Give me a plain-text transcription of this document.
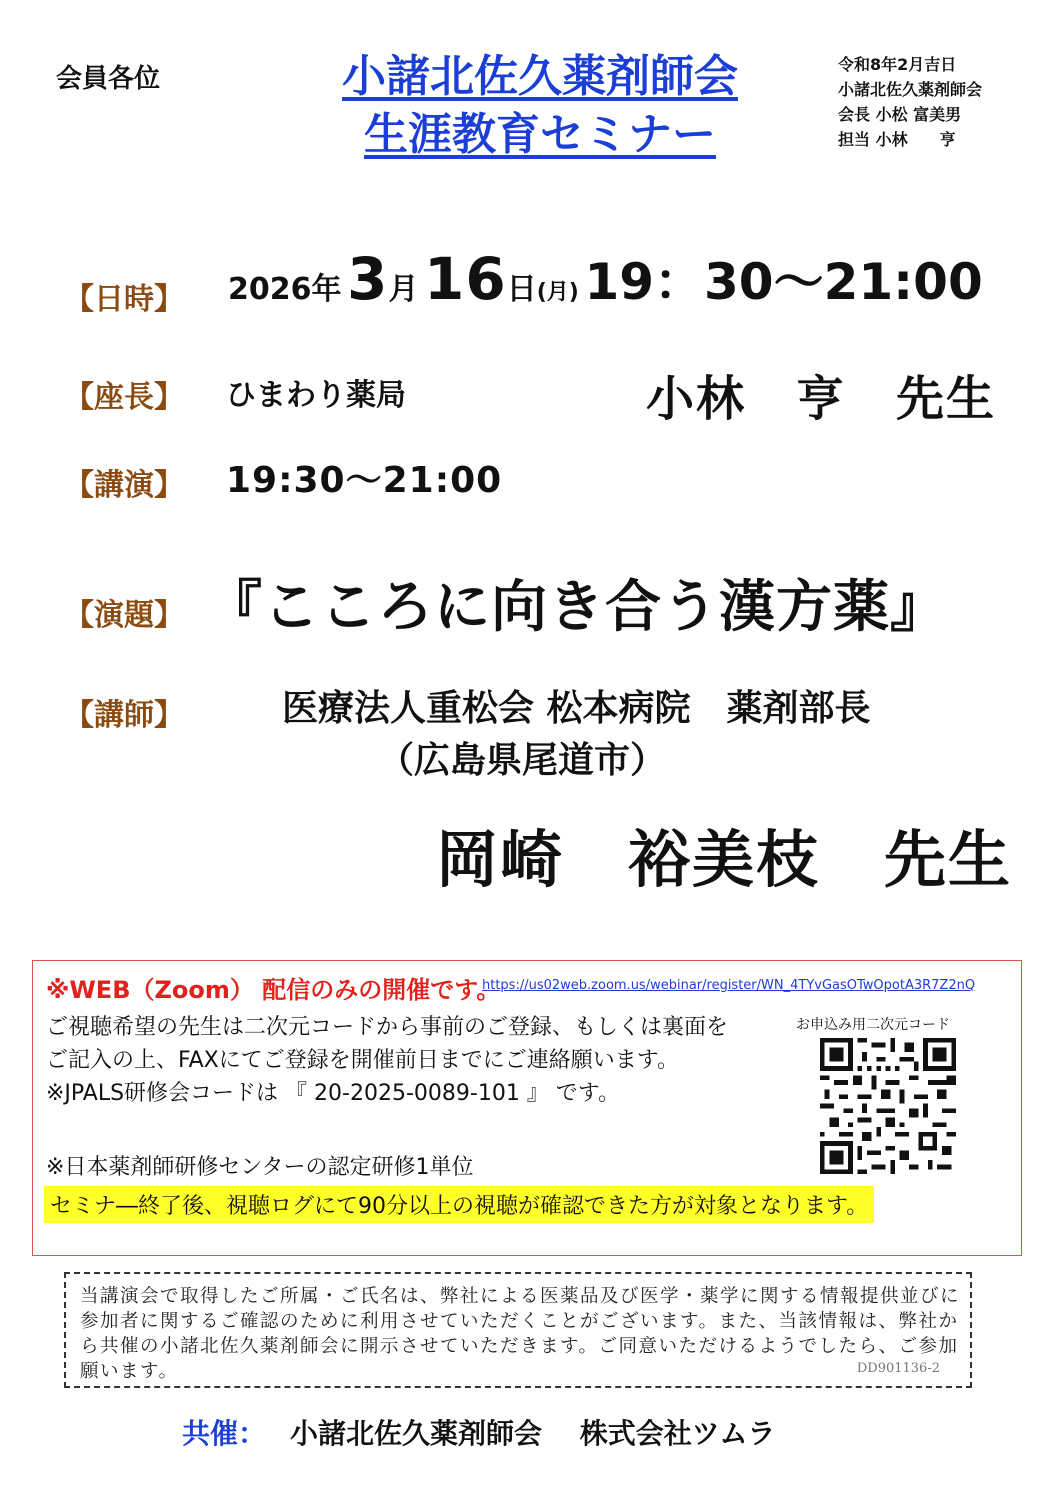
会員各位	小諸北佐久薬剤師会
生涯教育セミナー
令和8年2月吉日
小諸北佐久薬剤師会
会長 小松 富美男
担当 小林　　亨
【日時】 2026年 3月 16日(月) 19：30～21:00
【座長】 ひまわり薬局	小林　亨　先生
【講演】 19:30～21:00
【演題】 『こころに向き合う漢方薬』
【講師】	医療法人重松会 松本病院　薬剤部長
（広島県尾道市）
岡崎　裕美枝　先生
※WEB（Zoom） 配信のみの開催です。
https://us02web.zoom.us/webinar/register/WN_4TYvGasOTwOpotA3R7Z2nQ
ご視聴希望の先生は二次元コードから事前のご登録、もしくは裏面を
ご記入の上、FAXにてご登録を開催前日までにご連絡願います。
※JPALS研修会コードは 『 20-2025-0089-101 』 です。
※日本薬剤師研修センターの認定研修1単位
セミナ―終了後、視聴ログにて90分以上の視聴が確認できた方が対象となります。
お申込み用二次元コード
当講演会で取得したご所属・ご氏名は、弊社による医薬品及び医学・薬学に関する情報提供並びに参加者に関するご確認のために利用させていただくことがございます。また、当該情報は、弊社から共催の小諸北佐久薬剤師会に開示させていただきます。ご同意いただけるようでしたら、ご参加願います。	DD901136-2
共催： 小諸北佐久薬剤師会　 株式会社ツムラ
